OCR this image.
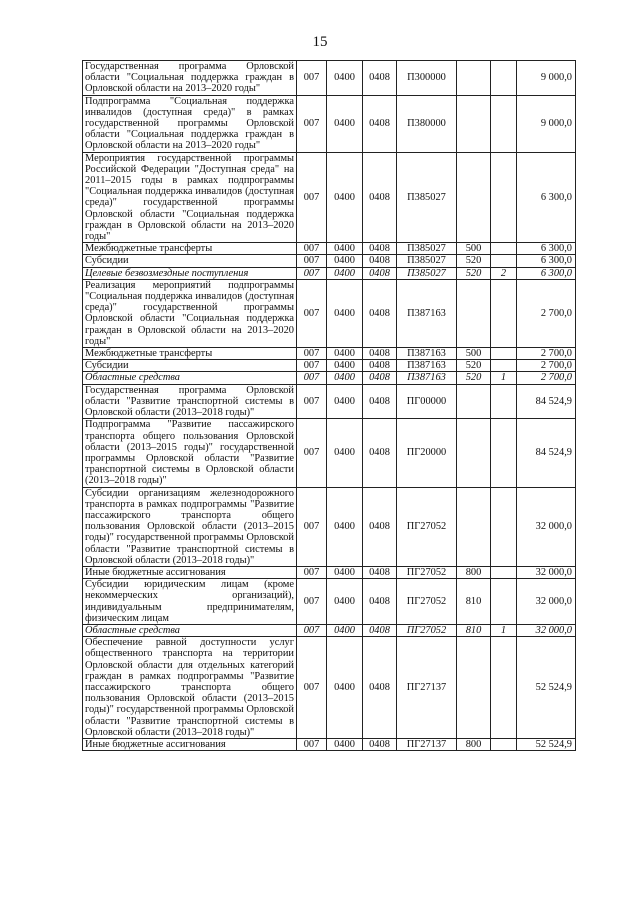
15
Государственная программа Орловской области "Социальная поддержка граждан в Орловской области на 2013–2020 годы"	007	0400	0408	П300000			9 000,0
Подпрограмма "Социальная поддержка инвалидов (доступная среда)" в рамках государственной программы Орловской области "Социальная поддержка граждан в Орловской области на 2013–2020 годы"	007	0400	0408	П380000			9 000,0
Мероприятия государственной программы Российской Федерации "Доступная среда" на 2011–2015 годы в рамках подпрограммы "Социальная поддержка инвалидов (доступная среда)" государственной программы Орловской области "Социальная поддержка граждан в Орловской области на 2013–2020 годы"	007	0400	0408	П385027			6 300,0
Межбюджетные трансферты	007	0400	0408	П385027	500		6 300,0
Субсидии	007	0400	0408	П385027	520		6 300,0
Целевые безвозмездные поступления	007	0400	0408	П385027	520	2	6 300,0
Реализация мероприятий подпрограммы "Социальная поддержка инвалидов (доступная среда)" государственной программы Орловской области "Социальная поддержка граждан в Орловской области на 2013–2020 годы"	007	0400	0408	П387163			2 700,0
Межбюджетные трансферты	007	0400	0408	П387163	500		2 700,0
Субсидии	007	0400	0408	П387163	520		2 700,0
Областные средства	007	0400	0408	П387163	520	1	2 700,0
Государственная программа Орловской области "Развитие транспортной системы в Орловской области (2013–2018 годы)"	007	0400	0408	ПГ00000			84 524,9
Подпрограмма "Развитие пассажирского транспорта общего пользования Орловской области (2013–2015 годы)" государственной программы Орловской области "Развитие транспортной системы в Орловской области (2013–2018 годы)"	007	0400	0408	ПГ20000			84 524,9
Субсидии организациям железнодорожного транспорта в рамках подпрограммы "Развитие пассажирского транспорта общего пользования Орловской области (2013–2015 годы)" государственной программы Орловской области "Развитие транспортной системы в Орловской области (2013–2018 годы)"	007	0400	0408	ПГ27052			32 000,0
Иные бюджетные ассигнования	007	0400	0408	ПГ27052	800		32 000,0
Субсидии юридическим лицам (кроме некоммерческих организаций), индивидуальным предпринимателям, физическим лицам	007	0400	0408	ПГ27052	810		32 000,0
Областные средства	007	0400	0408	ПГ27052	810	1	32 000,0
Обеспечение равной доступности услуг общественного транспорта на территории Орловской области для отдельных категорий граждан в рамках подпрограммы "Развитие пассажирского транспорта общего пользования Орловской области (2013–2015 годы)" государственной программы Орловской области "Развитие транспортной системы в Орловской области (2013–2018 годы)"	007	0400	0408	ПГ27137			52 524,9
Иные бюджетные ассигнования	007	0400	0408	ПГ27137	800		52 524,9
